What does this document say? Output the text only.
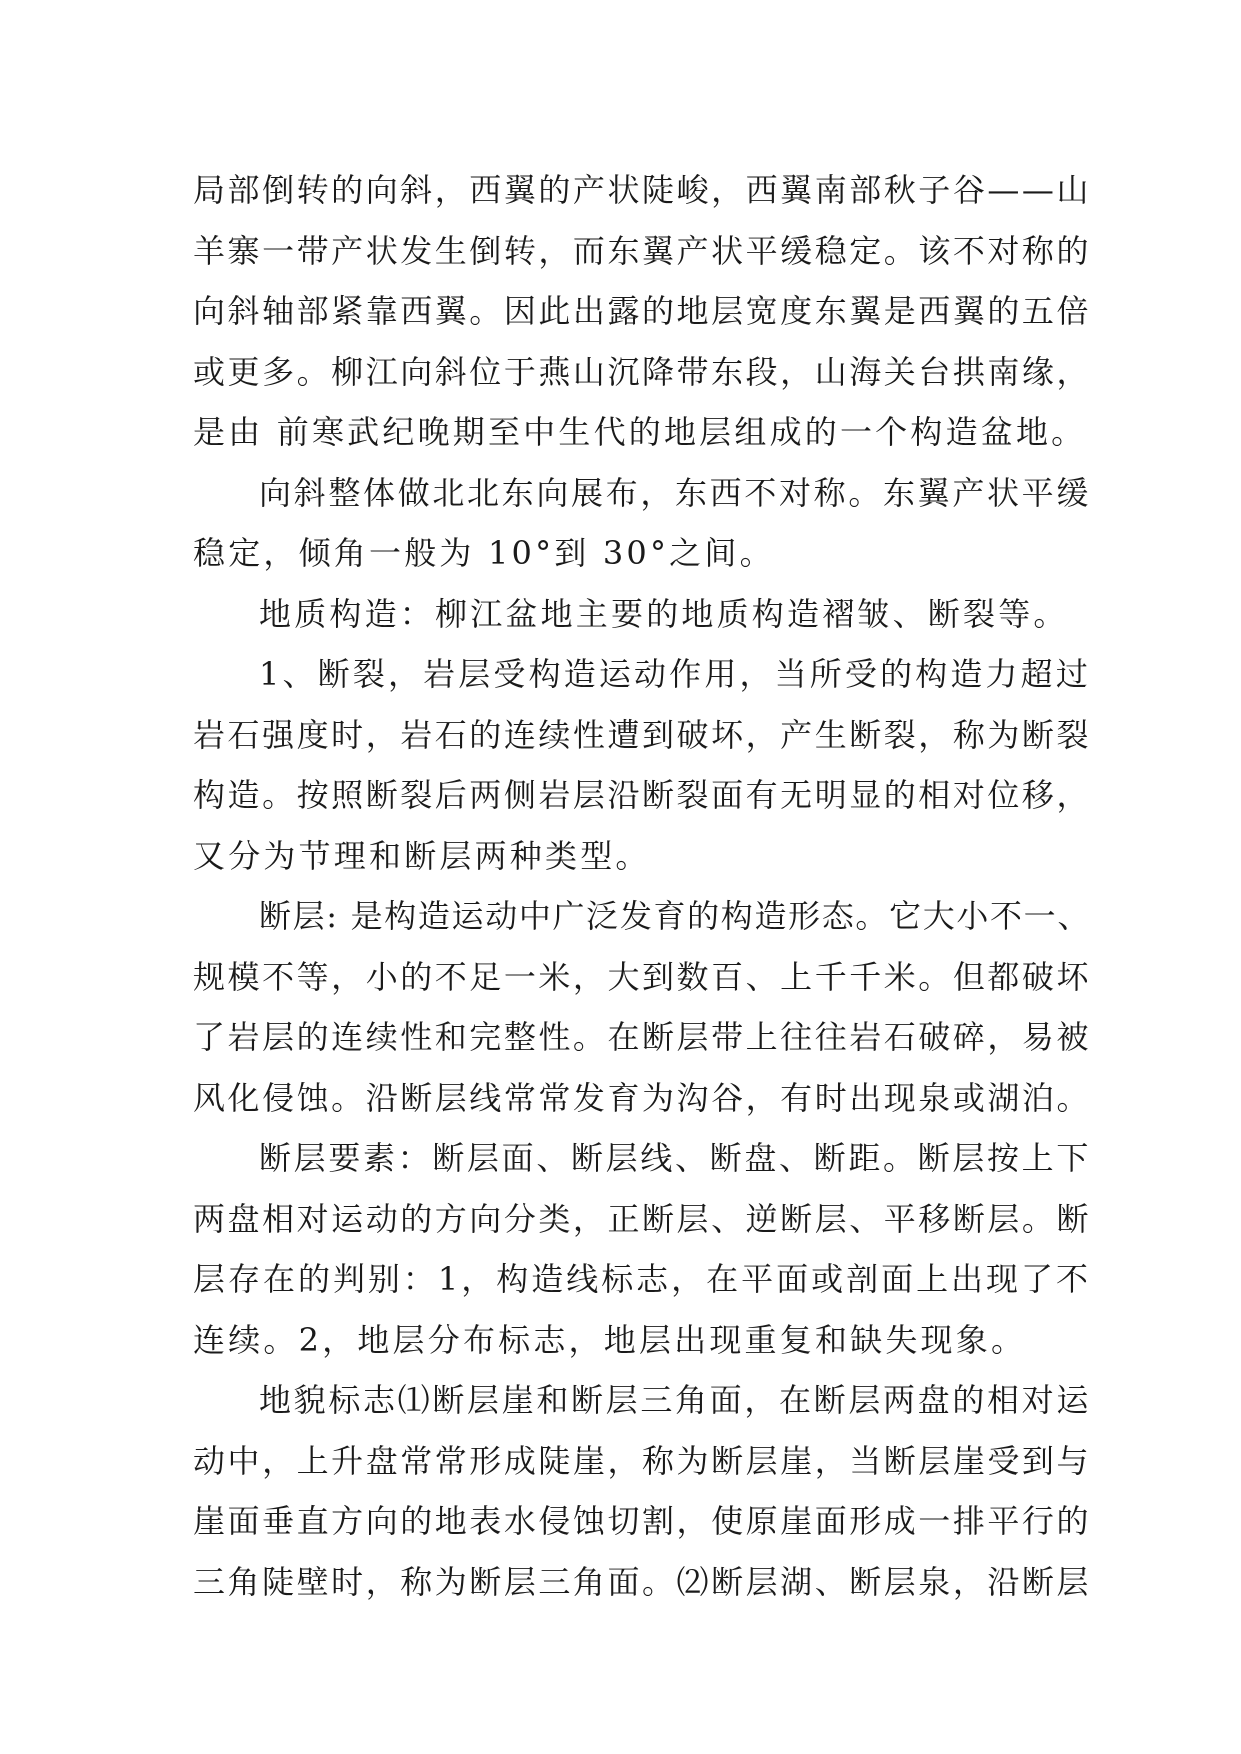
局部倒转的向斜，西翼的产状陡峻，西翼南部秋子谷——山
羊寨一带产状发生倒转，而东翼产状平缓稳定。该不对称的
向斜轴部紧靠西翼。因此出露的地层宽度东翼是西翼的五倍
或更多。柳江向斜位于燕山沉降带东段，山海关台拱南缘，
是由 前寒武纪晚期至中生代的地层组成的一个构造盆地。
向斜整体做北北东向展布，东西不对称。东翼产状平缓
稳定，倾角一般为 10°到 30°之间。
地质构造：柳江盆地主要的地质构造褶皱、断裂等。
1、断裂，岩层受构造运动作用，当所受的构造力超过
岩石强度时，岩石的连续性遭到破坏，产生断裂，称为断裂
构造。按照断裂后两侧岩层沿断裂面有无明显的相对位移，
又分为节理和断层两种类型。
断层: 是构造运动中广泛发育的构造形态。它大小不一、
规模不等，小的不足一米，大到数百、上千千米。但都破坏
了岩层的连续性和完整性。在断层带上往往岩石破碎，易被
风化侵蚀。沿断层线常常发育为沟谷，有时出现泉或湖泊。
断层要素：断层面、断层线、断盘、断距。断层按上下
两盘相对运动的方向分类，正断层、逆断层、平移断层。断
层存在的判别：1，构造线标志，在平面或剖面上出现了不
连续。2，地层分布标志，地层出现重复和缺失现象。
地貌标志⑴断层崖和断层三角面，在断层两盘的相对运
动中，上升盘常常形成陡崖，称为断层崖，当断层崖受到与
崖面垂直方向的地表水侵蚀切割，使原崖面形成一排平行的
三角陡壁时，称为断层三角面。⑵断层湖、断层泉，沿断层
